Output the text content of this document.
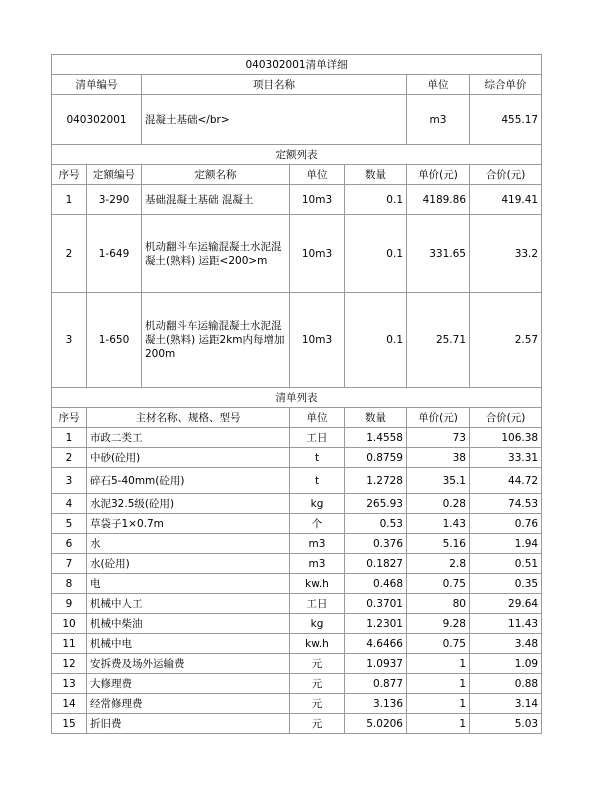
040302001清单详细						
清单编号		项目名称			单位	综合单价
040302001		混凝土基础</br>			m3	455.17
定额列表						
序号	定额编号	定额名称	单位	数量	单价(元)	合价(元)
1	3-290	基础混凝土基础 混凝土	10m3	0.1	4189.86	419.41
2	1-649	机动翻斗车运输混凝土水泥混凝土(熟料) 运距<200>m	10m3	0.1	331.65	33.2
3	1-650	机动翻斗车运输混凝土水泥混凝土(熟料) 运距2km内每增加200m	10m3	0.1	25.71	2.57
清单列表						
序号	主材名称、规格、型号		单位	数量	单价(元)	合价(元)
1	市政二类工		工日	1.4558	73	106.38
2	中砂(砼用)		t	0.8759	38	33.31
3	碎石5-40mm(砼用)		t	1.2728	35.1	44.72
4	水泥32.5级(砼用)		kg	265.93	0.28	74.53
5	草袋子1×0.7m		个	0.53	1.43	0.76
6	水		m3	0.376	5.16	1.94
7	水(砼用)		m3	0.1827	2.8	0.51
8	电		kw.h	0.468	0.75	0.35
9	机械中人工		工日	0.3701	80	29.64
10	机械中柴油		kg	1.2301	9.28	11.43
11	机械中电		kw.h	4.6466	0.75	3.48
12	安拆费及场外运输费		元	1.0937	1	1.09
13	大修理费		元	0.877	1	0.88
14	经常修理费		元	3.136	1	3.14
15	折旧费		元	5.0206	1	5.03
